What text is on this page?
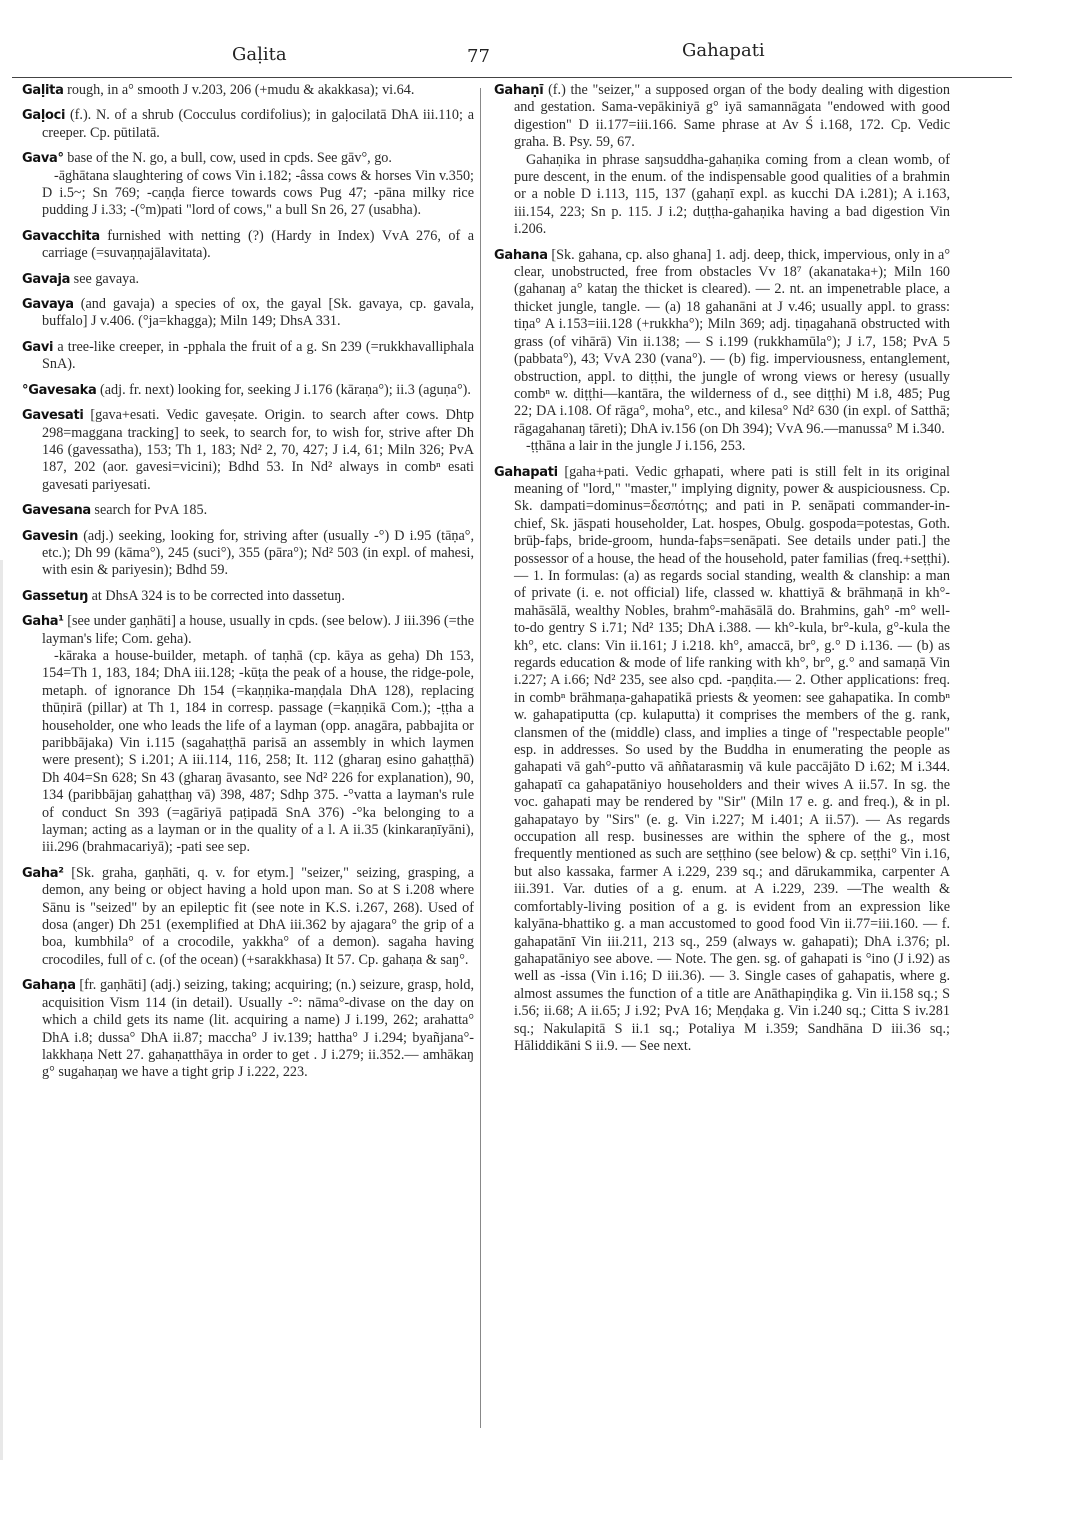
Gaḷita	77	Gahapati
Gaḷita rough, in a° smooth J v.203, 206 (+mudu & akakkasa); vi.64.
Gaḷoci (f.). N. of a shrub (Cocculus cordifolius); in gaḷocilatā DhA iii.110; a creeper. Cp. pūtilatā.
Gava° base of the N. go, a bull, cow, used in cpds. See gāv°, go.
-āghātana slaughtering of cows Vin i.182; -âssa cows & horses Vin v.350; D i.5~; Sn 769; -caṇḍa fierce towards cows Pug 47; -pāna milky rice pudding J i.33; -(°m)pati "lord of cows," a bull Sn 26, 27 (usabha).
Gavacchita furnished with netting (?) (Hardy in Index) VvA 276, of a carriage (=suvaṇṇajālavitata).
Gavaja see gavaya.
Gavaya (and gavaja) a species of ox, the gayal [Sk. gavaya, cp. gavala, buffalo] J v.406. (°ja=khagga); Miln 149; DhsA 331.
Gavi a tree-like creeper, in -pphala the fruit of a g. Sn 239 (=rukkhavalliphala SnA).
°Gavesaka (adj. fr. next) looking for, seeking J i.176 (kāraṇa°); ii.3 (aguṇa°).
Gavesati [gava+esati. Vedic gaveṣate. Origin. to search after cows. Dhtp 298=maggana tracking] to seek, to search for, to wish for, strive after Dh 146 (gavessatha), 153; Th 1, 183; Nd² 2, 70, 427; J i.4, 61; Miln 326; PvA 187, 202 (aor. gavesi=vicini); Bdhd 53. In Nd² always in combⁿ esati gavesati pariyesati.
Gavesana search for PvA 185.
Gavesin (adj.) seeking, looking for, striving after (usually -°) D i.95 (tāṇa°, etc.); Dh 99 (kāma°), 245 (suci°), 355 (pāra°); Nd² 503 (in expl. of mahesi, with esin & pariyesin); Bdhd 59.
Gassetuŋ at DhsA 324 is to be corrected into dassetuŋ.
Gaha¹ [see under gaṇhāti] a house, usually in cpds. (see below). J iii.396 (=the layman's life; Com. geha).
-kāraka a house-builder, metaph. of taṇhā (cp. kāya as geha) Dh 153, 154=Th 1, 183, 184; DhA iii.128; -kūṭa the peak of a house, the ridge-pole, metaph. of ignorance Dh 154 (=kaṇṇika-maṇḍala DhA 128), replacing thūṇirā (pillar) at Th 1, 184 in corresp. passage (=kaṇṇikā Com.); -ṭṭha a householder, one who leads the life of a layman (opp. anagāra, pabbajita or paribbājaka) Vin i.115 (sagahaṭṭhā parisā an assembly in which laymen were present); S i.201; A iii.114, 116, 258; It. 112 (gharaŋ esino gahaṭṭhā) Dh 404=Sn 628; Sn 43 (gharaŋ āvasanto, see Nd² 226 for explanation), 90, 134 (paribbājaŋ gahaṭṭhaŋ vā) 398, 487; Sdhp 375. -°vatta a layman's rule of conduct Sn 393 (=agāriyā paṭipadā SnA 376) -°ka belonging to a layman; acting as a layman or in the quality of a l. A ii.35 (kinkaraṇīyāni), iii.296 (brahmacariyā); -pati see sep.
Gaha² [Sk. graha, gaṇhāti, q. v. for etym.] "seizer," seizing, grasping, a demon, any being or object having a hold upon man. So at S i.208 where Sānu is "seized" by an epileptic fit (see note in K.S. i.267, 268). Used of dosa (anger) Dh 251 (exemplified at DhA iii.362 by ajagara° the grip of a boa, kumbhila° of a crocodile, yakkha° of a demon). sagaha having crocodiles, full of c. (of the ocean) (+sarakkhasa) It 57. Cp. gahaṇa & saŋ°.
Gahaṇa [fr. gaṇhāti] (adj.) seizing, taking; acquiring; (n.) seizure, grasp, hold, acquisition Vism 114 (in detail). Usually -°: nāma°-divase on the day on which a child gets its name (lit. acquiring a name) J i.199, 262; arahatta° DhA i.8; dussa° DhA ii.87; maccha° J iv.139; hattha° J i.294; byañjana°-lakkhaṇa Nett 27. gahaṇatthāya in order to get . J i.279; ii.352.— amhākaŋ g° sugahaṇaŋ we have a tight grip J i.222, 223.
Gahaṇī (f.) the "seizer," a supposed organ of the body dealing with digestion and gestation. Sama-vepākiniyā g° iyā samannāgata "endowed with good digestion" D ii.177=iii.166. Same phrase at Av Ś i.168, 172. Cp. Vedic graha. B. Psy. 59, 67.
Gahaṇika in phrase saŋsuddha-gahaṇika coming from a clean womb, of pure descent, in the enum. of the indispensable good qualities of a brahmin or a noble D i.113, 115, 137 (gahaṇī expl. as kucchi DA i.281); A i.163, iii.154, 223; Sn p. 115. J i.2; duṭṭha-gahaṇika having a bad digestion Vin i.206.
Gahana [Sk. gahana, cp. also ghana] 1. adj. deep, thick, impervious, only in a° clear, unobstructed, free from obstacles Vv 18⁷ (akanataka+); Miln 160 (gahanaŋ a° kataŋ the thicket is cleared). — 2. nt. an impenetrable place, a thicket jungle, tangle. — (a) 18 gahanāni at J v.46; usually appl. to grass: tiṇa° A i.153=iii.128 (+rukkha°); Miln 369; adj. tiṇagahanā obstructed with grass (of vihārā) Vin ii.138; — S i.199 (rukkhamūla°); J i.7, 158; PvA 5 (pabbata°), 43; VvA 230 (vana°). — (b) fig. imperviousness, entanglement, obstruction, appl. to diṭṭhi, the jungle of wrong views or heresy (usually combⁿ w. diṭṭhi—kantāra, the wilderness of d., see diṭṭhi) M i.8, 485; Pug 22; DA i.108. Of rāga°, moha°, etc., and kilesa° Nd² 630 (in expl. of Satthā; rāgagahanaŋ tāreti); DhA iv.156 (on Dh 394); VvA 96.—manussa° M i.340.
-ṭṭhāna a lair in the jungle J i.156, 253.
Gahapati [gaha+pati. Vedic gṛhapati, where pati is still felt in its original meaning of "lord," "master," implying dignity, power & auspiciousness. Cp. Sk. dampati=dominus=δεσπότης; and pati in P. senāpati commander-in-chief, Sk. jāspati householder, Lat. hospes, Obulg. gospoda=potestas, Goth. brūþ-faþs, bride-groom, hunda-faþs=senāpati. See details under pati.] the possessor of a house, the head of the household, pater familias (freq.+seṭṭhi). — 1. In formulas: (a) as regards social standing, wealth & clanship: a man of private (i. e. not official) life, classed w. khattiyā & brāhmaṇā in kh°-mahāsālā, wealthy Nobles, brahm°-mahāsālā do. Brahmins, gah° -m° well-to-do gentry S i.71; Nd² 135; DhA i.388. — kh°-kula, br°-kula, g°-kula the kh°, etc. clans: Vin ii.161; J i.218. kh°, amaccā, br°, g.° D i.136. — (b) as regards education & mode of life ranking with kh°, br°, g.° and samaṇā Vin i.227; A i.66; Nd² 235, see also cpd. -paṇḍita.— 2. Other applications: freq. in combⁿ brāhmaṇa-gahapatikā priests & yeomen: see gahapatika. In combⁿ w. gahapatiputta (cp. kulaputta) it comprises the members of the g. rank, clansmen of the (middle) class, and implies a tinge of "respectable people" esp. in addresses. So used by the Buddha in enumerating the people as gahapati vā gah°-putto vā aññatarasmiŋ vā kule paccājāto D i.62; M i.344. gahapatī ca gahapatāniyo householders and their wives A ii.57. In sg. the voc. gahapati may be rendered by "Sir" (Miln 17 e. g. and freq.), & in pl. gahapatayo by "Sirs" (e. g. Vin i.227; M i.401; A ii.57). — As regards occupation all resp. businesses are within the sphere of the g., most frequently mentioned as such are seṭṭhino (see below) & cp. seṭṭhi° Vin i.16, but also kassaka, farmer A i.229, 239 sq.; and dārukammika, carpenter A iii.391. Var. duties of a g. enum. at A i.229, 239. —The wealth & comfortably-living position of a g. is evident from an expression like kalyāna-bhattiko g. a man accustomed to good food Vin ii.77=iii.160. — f. gahapatānī Vin iii.211, 213 sq., 259 (always w. gahapati); DhA i.376; pl. gahapatāniyo see above. — Note. The gen. sg. of gahapati is °ino (J i.92) as well as -issa (Vin i.16; D iii.36). — 3. Single cases of gahapatis, where g. almost assumes the function of a title are Anāthapiṇḍika g. Vin ii.158 sq.; S i.56; ii.68; A ii.65; J i.92; PvA 16; Meṇḍaka g. Vin i.240 sq.; Citta S iv.281 sq.; Nakulapitā S ii.1 sq.; Potaliya M i.359; Sandhāna D iii.36 sq.; Hāliddikāni S ii.9. — See next.
